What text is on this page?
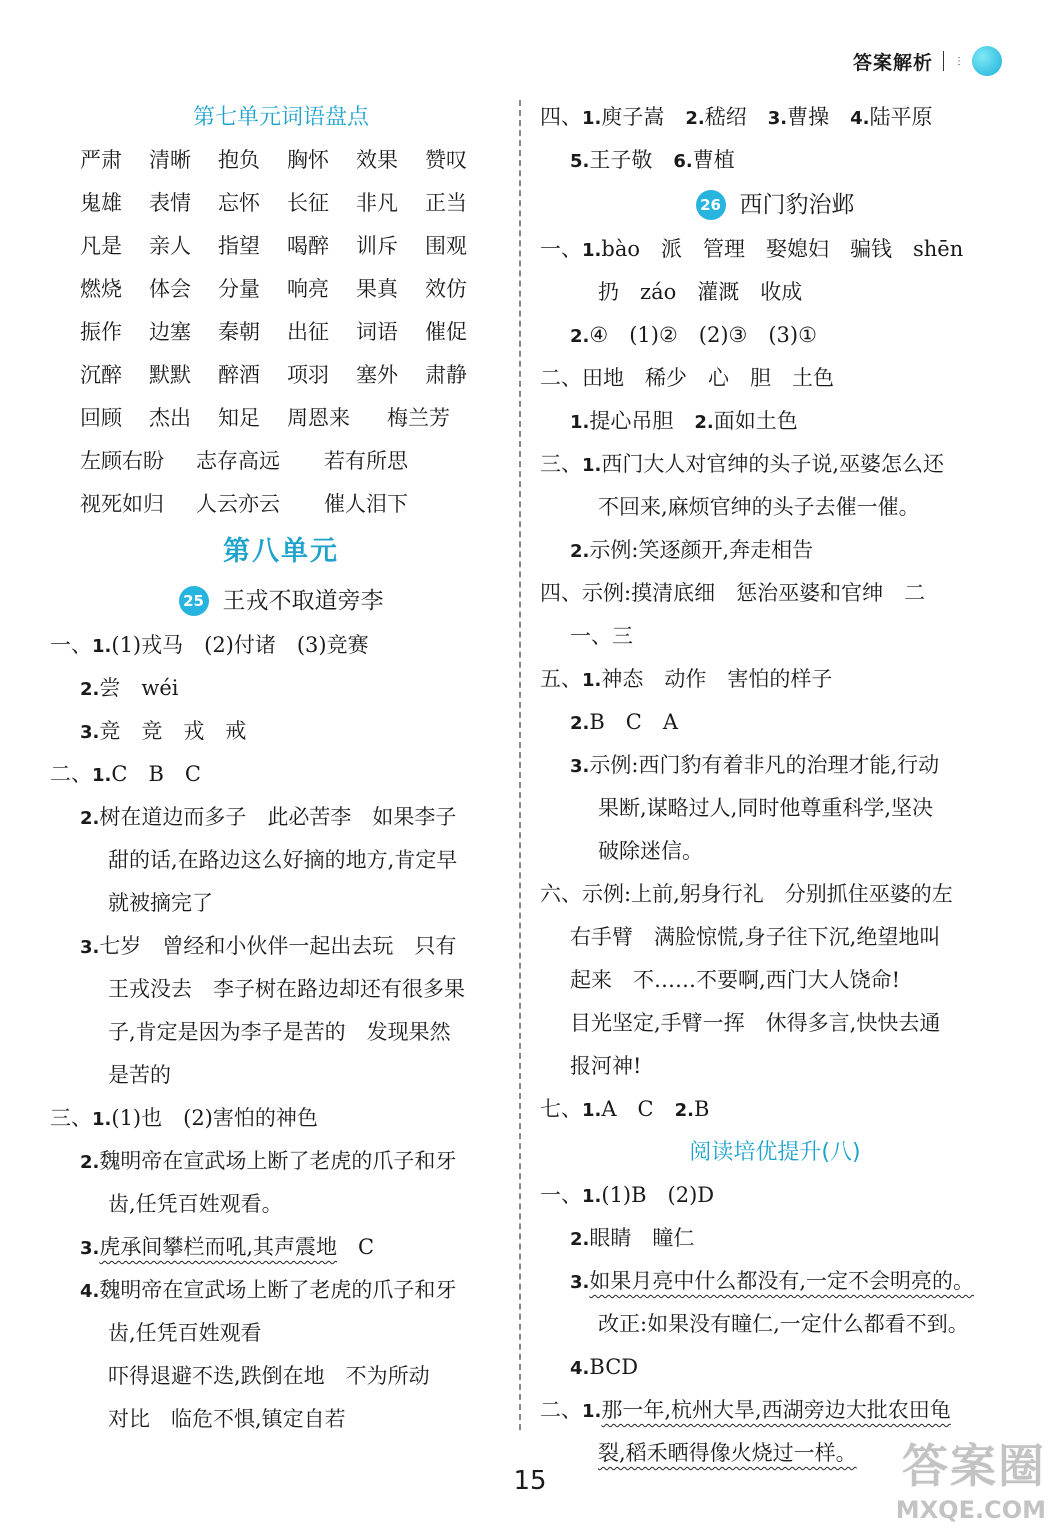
答案解析 ⋮
第七单元词语盘点
严肃	清晰	抱负	胸怀	效果	赞叹
鬼雄	表情	忘怀	长征	非凡	正当
凡是	亲人	指望	喝醉	训斥	围观
燃烧	体会	分量	响亮	果真	效仿
振作	边塞	秦朝	出征	词语	催促
沉醉	默默	醉酒	项羽	塞外	肃静
回顾	杰出	知足	周恩来	梅兰芳
左顾右盼	志存高远	若有所思
视死如归	人云亦云	催人泪下
第八单元
25 王戎不取道旁李
一、1.(1)戎马　(2)付诸　(3)竞赛
2.尝　wéi
3.竞　竞　戎　戒
二、1.C　B　C
2.树在道边而多子　此必苦李　如果李子
甜的话,在路边这么好摘的地方,肯定早
就被摘完了
3.七岁　曾经和小伙伴一起出去玩　只有
王戎没去　李子树在路边却还有很多果
子,肯定是因为李子是苦的　发现果然
是苦的
三、1.(1)也　(2)害怕的神色
2.魏明帝在宣武场上断了老虎的爪子和牙
齿,任凭百姓观看。
3.虎承间攀栏而吼,其声震地　C
4.魏明帝在宣武场上断了老虎的爪子和牙
齿,任凭百姓观看
吓得退避不迭,跌倒在地　不为所动
对比　临危不惧,镇定自若
四、1.庾子嵩　2.嵇绍　3.曹操　4.陆平原
5.王子敬　6.曹植
26 西门豹治邺
一、1.bào　派　管理　娶媳妇　骗钱　shēn
扔　záo　灌溉　收成
2.④　(1)②　(2)③　(3)①
二、田地　稀少　心　胆　土色
1.提心吊胆　2.面如土色
三、1.西门大人对官绅的头子说,巫婆怎么还
不回来,麻烦官绅的头子去催一催。
2.示例:笑逐颜开,奔走相告
四、示例:摸清底细　惩治巫婆和官绅　二
一、三
五、1.神态　动作　害怕的样子
2.B　C　A
3.示例:西门豹有着非凡的治理才能,行动
果断,谋略过人,同时他尊重科学,坚决
破除迷信。
六、示例:上前,躬身行礼　分别抓住巫婆的左
右手臂　满脸惊慌,身子往下沉,绝望地叫
起来　不……不要啊,西门大人饶命!
目光坚定,手臂一挥　休得多言,快快去通
报河神!
七、1.A　C　2.B
阅读培优提升(八)
一、1.(1)B　(2)D
2.眼睛　瞳仁
3.如果月亮中什么都没有,一定不会明亮的。
改正:如果没有瞳仁,一定什么都看不到。
4.BCD
二、1.那一年,杭州大旱,西湖旁边大批农田龟
裂,稻禾晒得像火烧过一样。
15	答案圈
MXQE.COM
